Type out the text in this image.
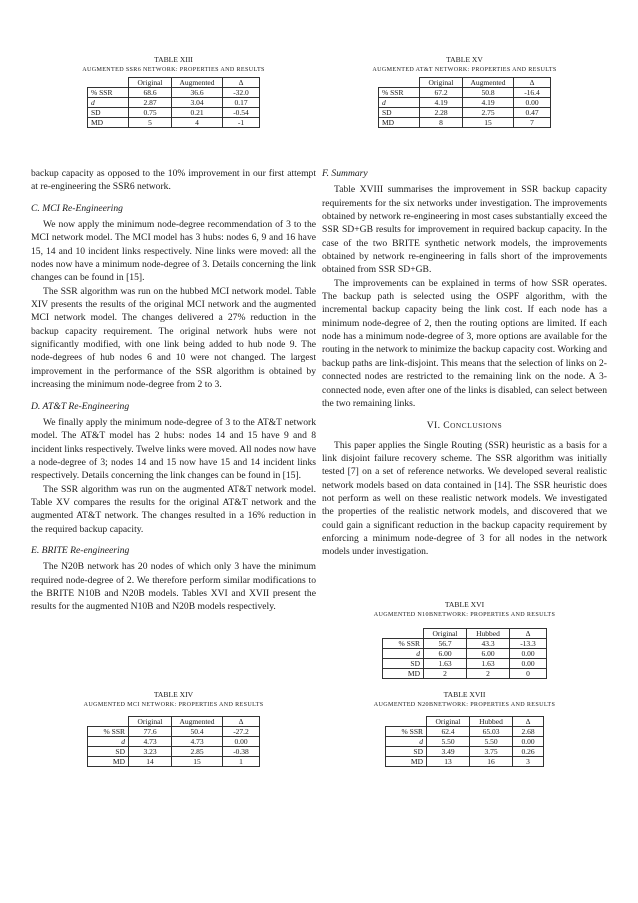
TABLE XIII
AUGMENTED SSR6 NETWORK: PROPERTIES AND RESULTS
	Original	Augmented	Δ
% SSR	68.6	36.6	-32.0
d	2.87	3.04	0.17
SD	0.75	0.21	-0.54
MD	5	4	-1

backup capacity as opposed to the 10% improvement in our first attempt at re-engineering the SSR6 network.

C. MCI Re-Engineering

We now apply the minimum node-degree recommendation of 3 to the MCI network model. The MCI model has 3 hubs: nodes 6, 9 and 16 have 15, 14 and 10 incident links respectively. Nine links were moved: all the nodes now have a minimum node-degree of 3. Details concerning the link changes can be found in [15].

The SSR algorithm was run on the hubbed MCI network model. Table XIV presents the results of the original MCI network and the augmented MCI network model. The changes delivered a 27% reduction in the backup capacity requirement. The original network hubs were not significantly modified, with one link being added to hub node 9. The node-degrees of hub nodes 6 and 10 were not changed. The largest improvement in the performance of the SSR algorithm is obtained by increasing the minimum node-degree from 2 to 3.

D. AT&T Re-Engineering

We finally apply the minimum node-degree of 3 to the AT&T network model. The AT&T model has 2 hubs: nodes 14 and 15 have 9 and 8 incident links respectively. Twelve links were moved. All nodes now have a node-degree of 3; nodes 14 and 15 now have 15 and 14 incident links respectively. Details concerning the link changes can be found in [15].

The SSR algorithm was run on the augmented AT&T network model. Table XV compares the results for the original AT&T network and the augmented AT&T network. The changes resulted in a 16% reduction in the required backup capacity.

E. BRITE Re-engineering

The N20B network has 20 nodes of which only 3 have the minimum required node-degree of 2. We therefore perform similar modifications to the BRITE N10B and N20B models. Tables XVI and XVII present the results for the augmented N10B and N20B models respectively.

TABLE XIV
AUGMENTED MCI NETWORK: PROPERTIES AND RESULTS
	Original	Augmented	Δ
% SSR	77.6	50.4	-27.2
d	4.73	4.73	0.00
SD	3.23	2.85	-0.38
MD	14	15	1
TABLE XV
AUGMENTED AT&T NETWORK: PROPERTIES AND RESULTS
	Original	Augmented	Δ
% SSR	67.2	50.8	-16.4
d	4.19	4.19	0.00
SD	2.28	2.75	0.47
MD	8	15	7
F. Summary

Table XVIII summarises the improvement in SSR backup capacity requirements for the six networks under investigation. The improvements obtained by network re-engineering in most cases substantially exceed the SSR SD+GB results for improvement in required backup capacity. In the case of the two BRITE synthetic network models, the improvements obtained by network re-engineering in falls short of the improvements obtained from SSR SD+GB.

The improvements can be explained in terms of how SSR operates. The backup path is selected using the OSPF algorithm, with the incremental backup capacity being the link cost. If each node has a minimum node-degree of 2, then the routing options are limited. If each node has a minimum node-degree of 3, more options are available for the routing in the network to minimize the backup capacity cost. Working and backup paths are link-disjoint. This means that the selection of links on 2-connected nodes are restricted to the remaining link on the node. A 3-connected node, even after one of the links is disabled, can select between the two remaining links.

VI. CONCLUSIONS

This paper applies the Single Routing (SSR) heuristic as a basis for a link disjoint failure recovery scheme. The SSR algorithm was initially tested [7] on a set of reference networks. We developed several realistic network models based on data contained in [14]. The SSR heuristic does not perform as well on these realistic network models. We investigated the properties of the realistic network models, and discovered that we could gain a significant reduction in the backup capacity requirement by enforcing a minimum node-degree of 3 for all nodes in the network models under investigation.

TABLE XVI
AUGMENTED N10BNETWORK: PROPERTIES AND RESULTS
	Original	Hubbed	Δ
% SSR	56.7	43.3	-13.3
d	6.00	6.00	0.00
SD	1.63	1.63	0.00
MD	2	2	0
TABLE XVII
AUGMENTED N20BNETWORK: PROPERTIES AND RESULTS
	Original	Hubbed	Δ
% SSR	62.4	65.03	2.68
d	5.50	5.50	0.00
SD	3.49	3.75	0.26
MD	13	16	3
